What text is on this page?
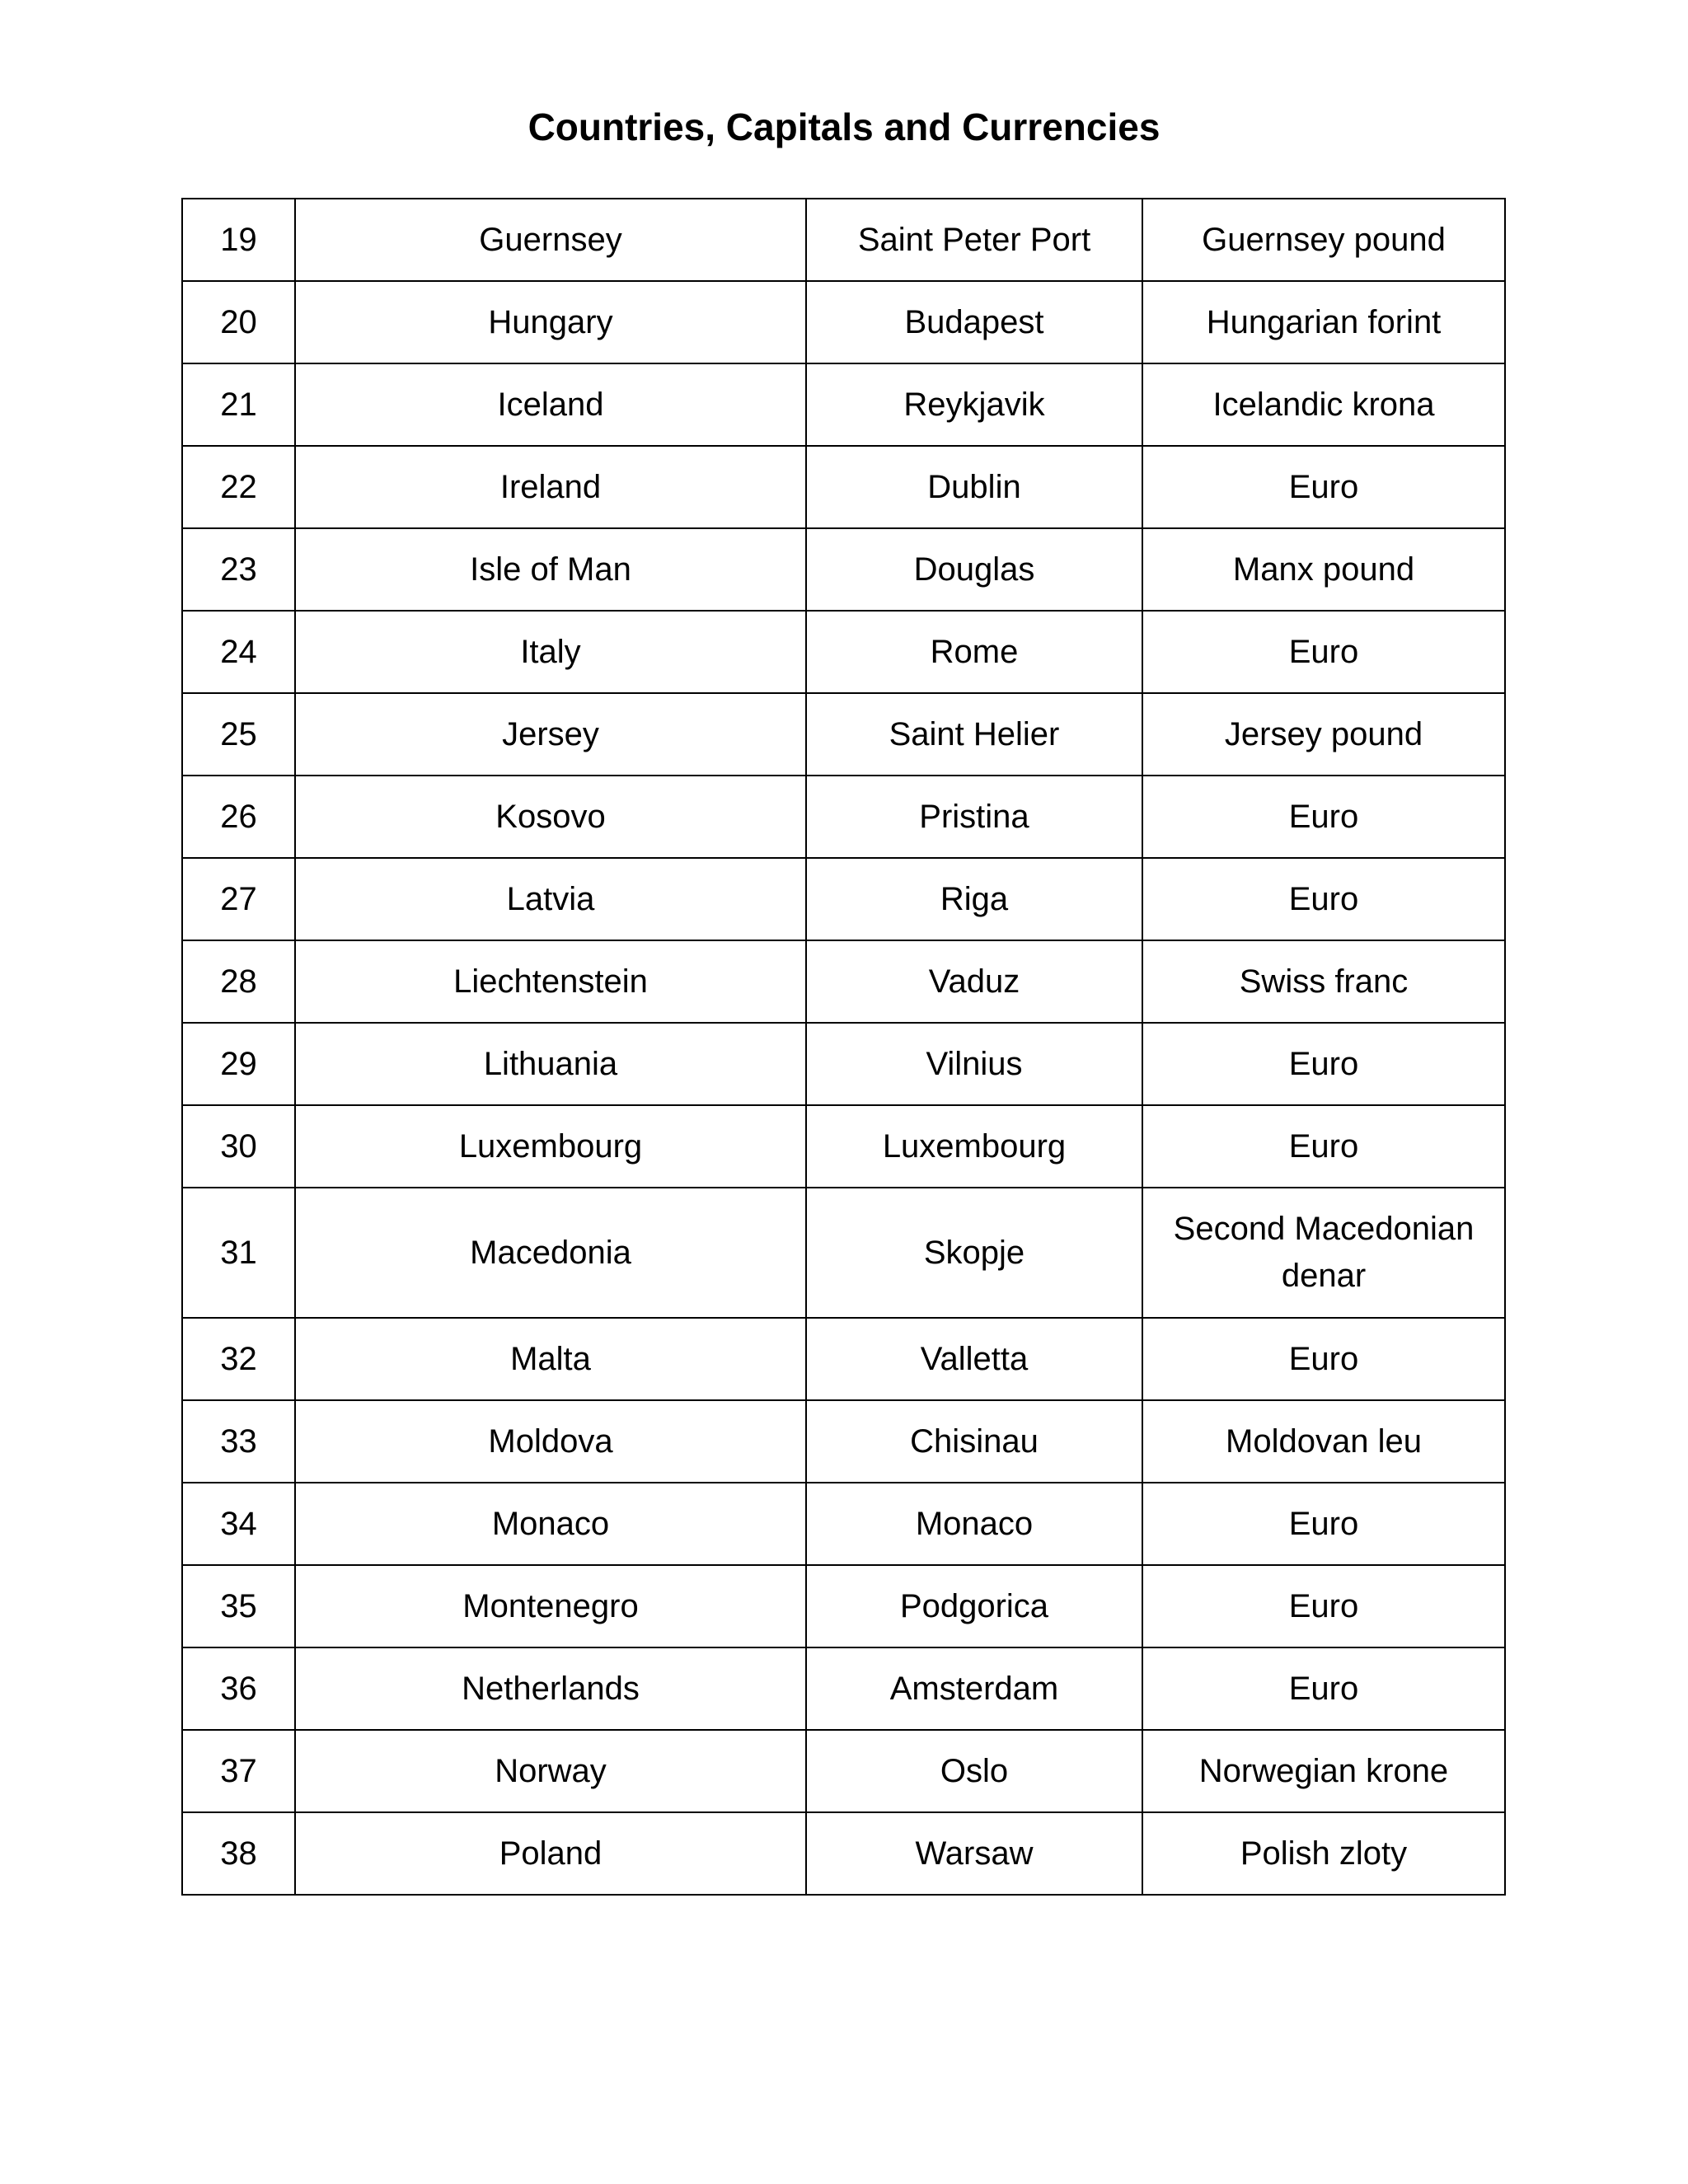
Countries, Capitals and Currencies
19	Guernsey	Saint Peter Port	Guernsey pound
20	Hungary	Budapest	Hungarian forint
21	Iceland	Reykjavik	Icelandic krona
22	Ireland	Dublin	Euro
23	Isle of Man	Douglas	Manx pound
24	Italy	Rome	Euro
25	Jersey	Saint Helier	Jersey pound
26	Kosovo	Pristina	Euro
27	Latvia	Riga	Euro
28	Liechtenstein	Vaduz	Swiss franc
29	Lithuania	Vilnius	Euro
30	Luxembourg	Luxembourg	Euro
31	Macedonia	Skopje	Second Macedonian denar
32	Malta	Valletta	Euro
33	Moldova	Chisinau	Moldovan leu
34	Monaco	Monaco	Euro
35	Montenegro	Podgorica	Euro
36	Netherlands	Amsterdam	Euro
37	Norway	Oslo	Norwegian krone
38	Poland	Warsaw	Polish zloty
